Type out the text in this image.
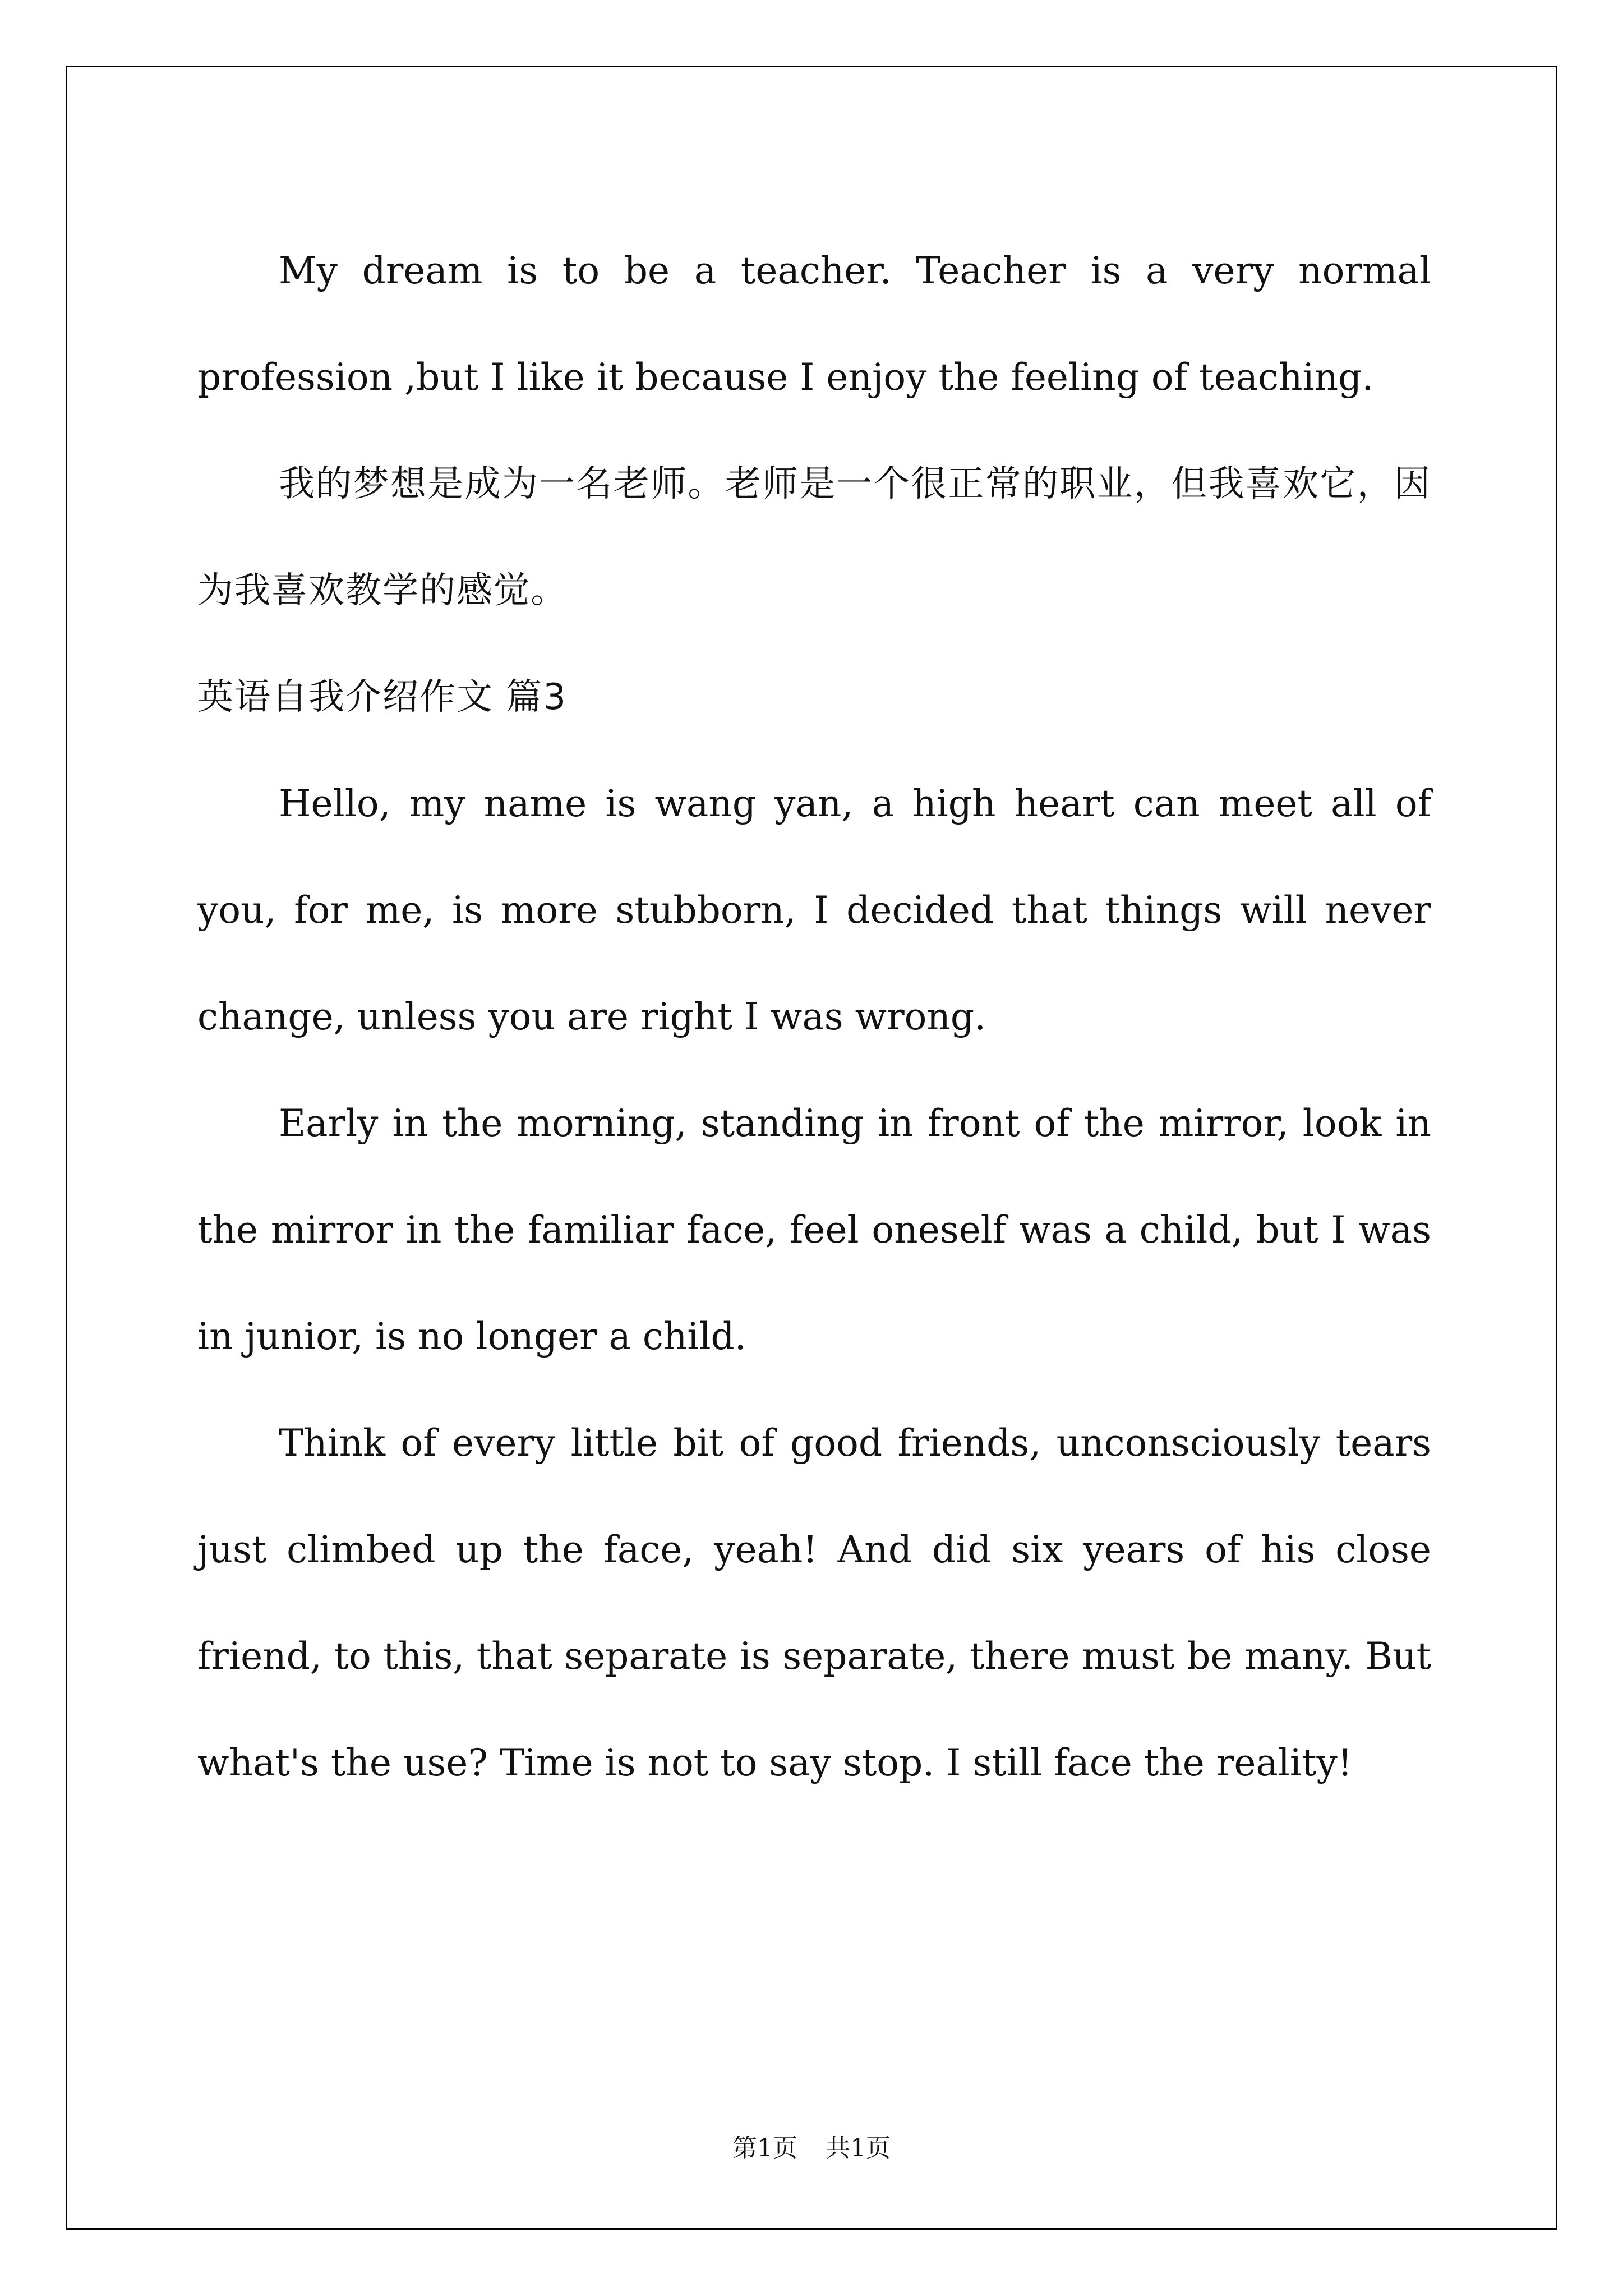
My dream is to be a teacher. Teacher is a very normal profession ,but I like it because I enjoy the feeling of teaching.

我的梦想是成为一名老师。老师是一个很正常的职业，但我喜欢它，因为我喜欢教学的感觉。

英语自我介绍作文 篇3

Hello, my name is wang yan, a high heart can meet all of you, for me, is more stubborn, I decided that things will never change, unless you are right I was wrong.

Early in the morning, standing in front of the mirror, look in the mirror in the familiar face, feel oneself was a child, but I was in junior, is no longer a child.

Think of every little bit of good friends, unconsciously tears just climbed up the face, yeah! And did six years of his close friend, to this, that separate is separate, there must be many. But what's the use? Time is not to say stop. I still face the reality!

第1页 共1页
